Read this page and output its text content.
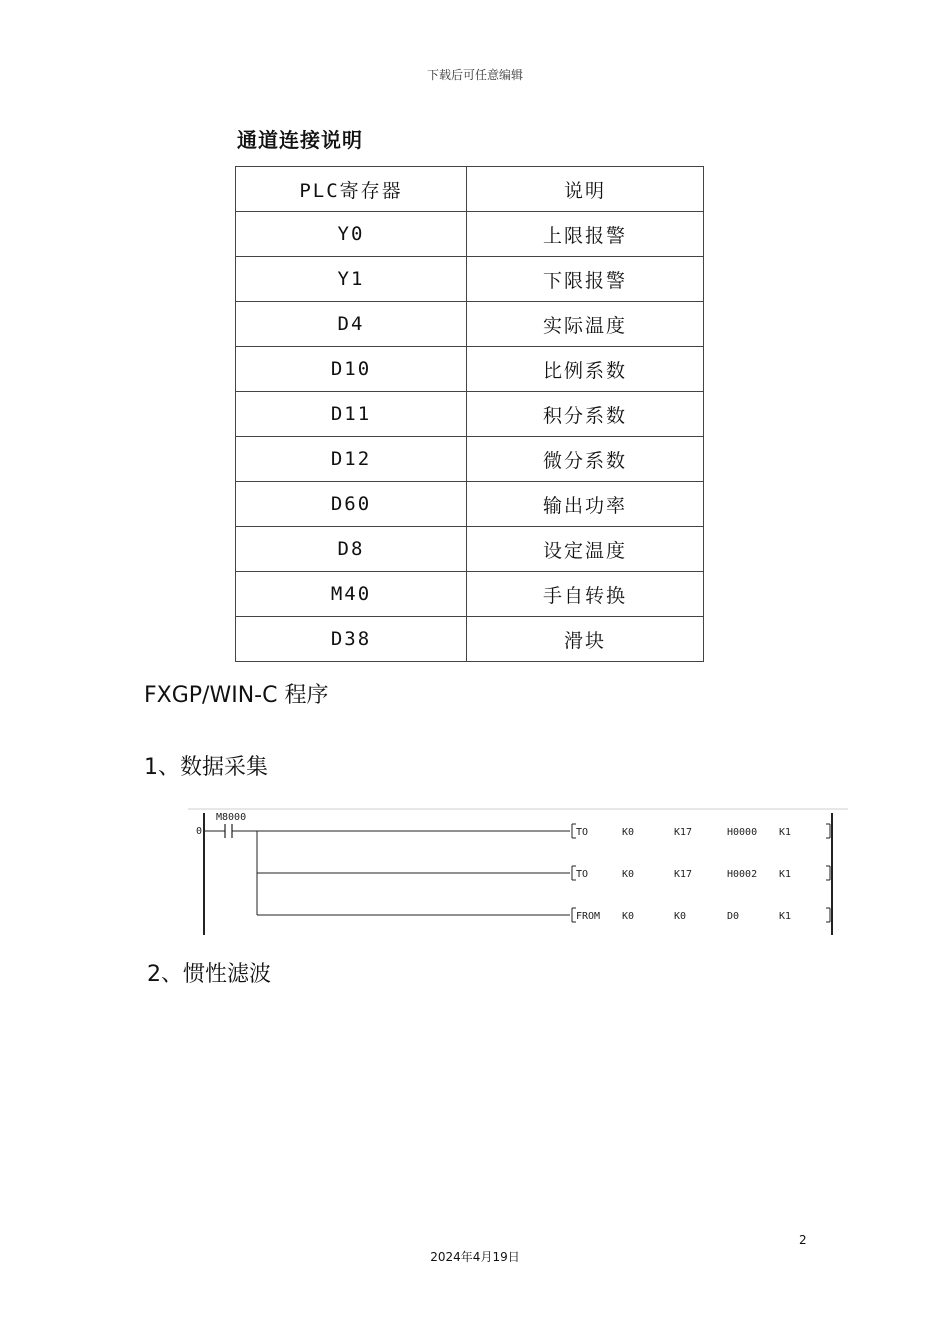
下载后可任意编辑
通道连接说明
PLC寄存器	说明
Y0	上限报警
Y1	下限报警
D4	实际温度
D10	比例系数
D11	积分系数
D12	微分系数
D60	输出功率
D8	设定温度
M40	手自转换
D38	滑块
FXGP/WIN-C 程序
1、数据采集
0
M8000
TO	K0	K17	H0000 K1
TO	K0	K17	H0002 K1
FROM K0	K0	D0	K1
2、惯性滤波
2
2024年4月19日
